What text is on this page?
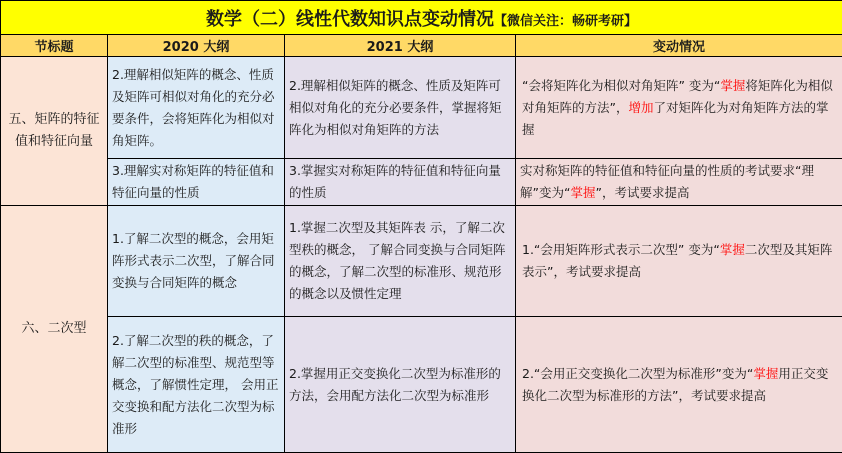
数学（二）线性代数知识点变动情况【微信关注：畅研考研】			
节标题	2020 大纲	2021 大纲	变动情况
五、矩阵的特征值和特征向量	2.理解相似矩阵的概念、性质及矩阵可相似对角化的充分必要条件，会将矩阵化为相似对角矩阵。	2.理解相似矩阵的概念、性质及矩阵可相似对角化的充分必要条件，掌握将矩阵化为相似对角矩阵的方法	“会将矩阵化为相似对角矩阵” 变为“掌握将矩阵化为相似对角矩阵的方法”，增加了对矩阵化为对角矩阵方法的掌握
	3.理解实对称矩阵的特征值和特征向量的性质	3.掌握实对称矩阵的特征值和特征向量的性质	实对称矩阵的特征值和特征向量的性质的考试要求“理解”变为“掌握”，考试要求提高
六、二次型	1.了解二次型的概念，会用矩阵形式表示二次型，了解合同变换与合同矩阵的概念	1.掌握二次型及其矩阵表 示，了解二次型秩的概念， 了解合同变换与合同矩阵的概念，了解二次型的标准形、规范形的概念以及惯性定理	1.“会用矩阵形式表示二次型” 变为“掌握二次型及其矩阵表示”，考试要求提高
	2.了解二次型的秩的概念，了解二次型的标准型、规范型等概念，了解惯性定理， 会用正交变换和配方法化二次型为标准形	2.掌握用正交变换化二次型为标准形的方法，会用配方法化二次型为标准形	2.“会用正交变换化二次型为标准形”变为“掌握用正交变换化二次型为标准形的方法”，考试要求提高
